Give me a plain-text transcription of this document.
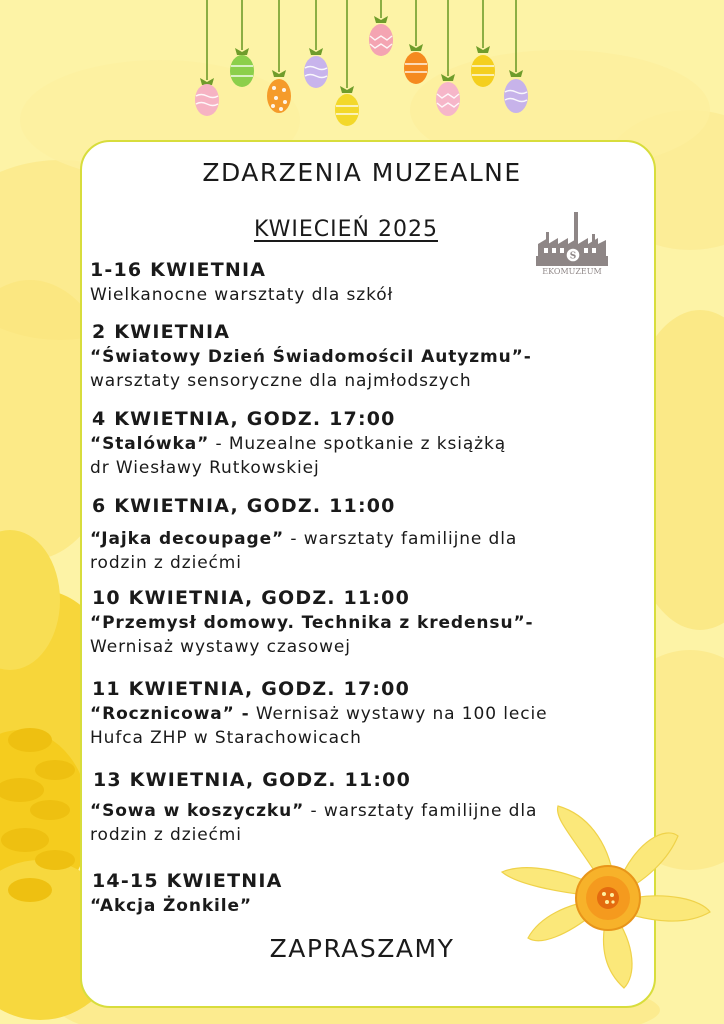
ZDARZENIA MUZEALNE
KWIECIEŃ 2025
S
EKOMUZEUM
1-16 KWIETNIA
Wielkanocne warsztaty dla szkół
2 KWIETNIA
“Światowy Dzień ŚwiadomościI Autyzmu”-
warsztaty sensoryczne dla najmłodszych
4 KWIETNIA, GODZ. 17:00
“Stalówka” - Muzealne spotkanie z książką
dr Wiesławy Rutkowskiej
6 KWIETNIA, GODZ. 11:00
“Jajka decoupage” - warsztaty familijne dla
rodzin z dziećmi
10 KWIETNIA, GODZ. 11:00
“Przemysł domowy. Technika z kredensu”-
Wernisaż wystawy czasowej
11 KWIETNIA, GODZ. 17:00
“Rocznicowa” - Wernisaż wystawy na 100 lecie
Hufca ZHP w Starachowicach
13 KWIETNIA, GODZ. 11:00
“Sowa w koszyczku” - warsztaty familijne dla
rodzin z dziećmi
14-15 KWIETNIA
“Akcja Żonkile”
ZAPRASZAMY
